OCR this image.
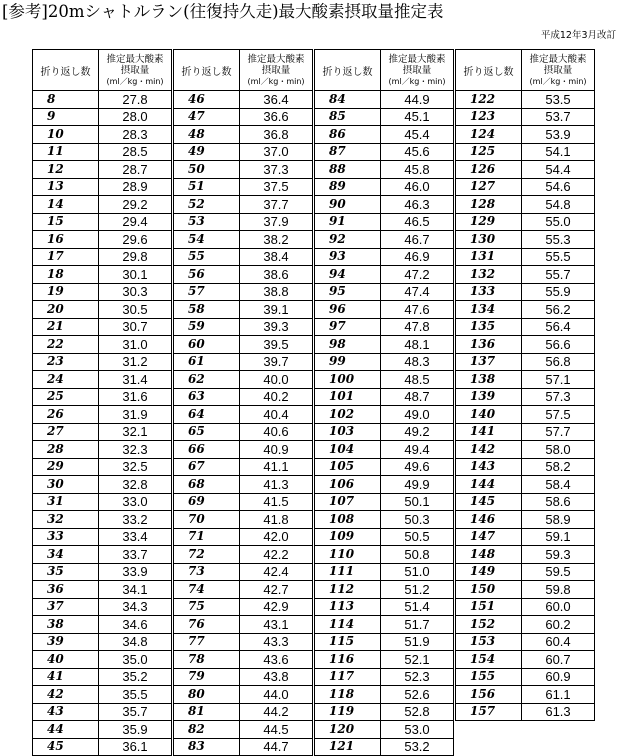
[参考]20mシャトルラン(往復持久走)最大酸素摂取量推定表
平成12年3月改訂
折り返し数	推定最大酸素
摂取量
(ml／kg・min)		折り返し数	推定最大酸素
摂取量
(ml／kg・min)		折り返し数	推定最大酸素
摂取量
(ml／kg・min)		折り返し数	推定最大酸素
摂取量
(ml／kg・min)
8	27.8		46	36.4		84	44.9		122	53.5
9	28.0		47	36.6		85	45.1		123	53.7
10	28.3		48	36.8		86	45.4		124	53.9
11	28.5		49	37.0		87	45.6		125	54.1
12	28.7		50	37.3		88	45.8		126	54.4
13	28.9		51	37.5		89	46.0		127	54.6
14	29.2		52	37.7		90	46.3		128	54.8
15	29.4		53	37.9		91	46.5		129	55.0
16	29.6		54	38.2		92	46.7		130	55.3
17	29.8		55	38.4		93	46.9		131	55.5
18	30.1		56	38.6		94	47.2		132	55.7
19	30.3		57	38.8		95	47.4		133	55.9
20	30.5		58	39.1		96	47.6		134	56.2
21	30.7		59	39.3		97	47.8		135	56.4
22	31.0		60	39.5		98	48.1		136	56.6
23	31.2		61	39.7		99	48.3		137	56.8
24	31.4		62	40.0		100	48.5		138	57.1
25	31.6		63	40.2		101	48.7		139	57.3
26	31.9		64	40.4		102	49.0		140	57.5
27	32.1		65	40.6		103	49.2		141	57.7
28	32.3		66	40.9		104	49.4		142	58.0
29	32.5		67	41.1		105	49.6		143	58.2
30	32.8		68	41.3		106	49.9		144	58.4
31	33.0		69	41.5		107	50.1		145	58.6
32	33.2		70	41.8		108	50.3		146	58.9
33	33.4		71	42.0		109	50.5		147	59.1
34	33.7		72	42.2		110	50.8		148	59.3
35	33.9		73	42.4		111	51.0		149	59.5
36	34.1		74	42.7		112	51.2		150	59.8
37	34.3		75	42.9		113	51.4		151	60.0
38	34.6		76	43.1		114	51.7		152	60.2
39	34.8		77	43.3		115	51.9		153	60.4
40	35.0		78	43.6		116	52.1		154	60.7
41	35.2		79	43.8		117	52.3		155	60.9
42	35.5		80	44.0		118	52.6		156	61.1
43	35.7		81	44.2		119	52.8		157	61.3
44	35.9		82	44.5		120	53.0			
45	36.1		83	44.7		121	53.2			
